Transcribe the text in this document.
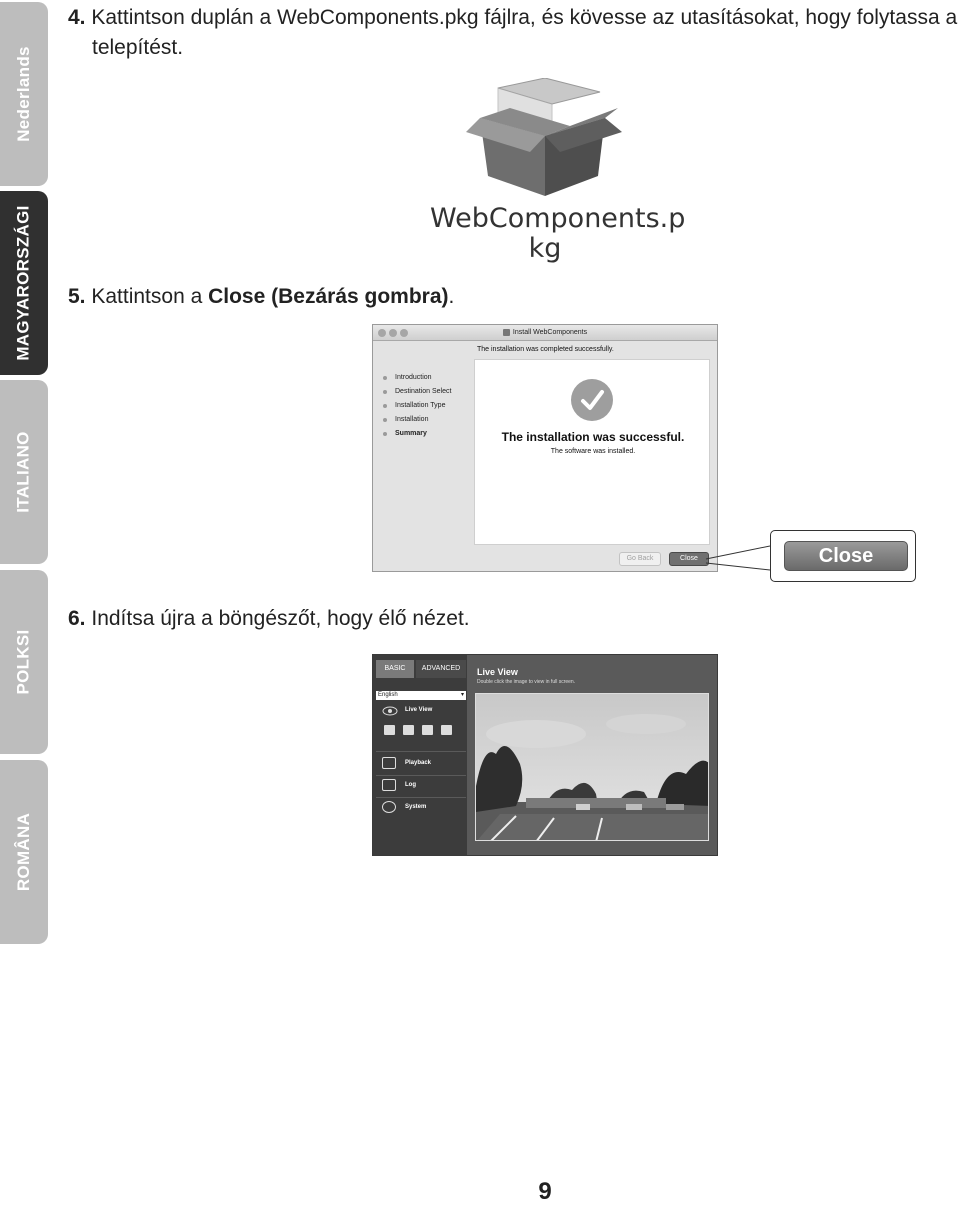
Nederlands
MAGYARORSZÁGI
ITALIANO
POLKSI
ROMÂNA
4. Kattintson duplán a WebComponents.pkg fájlra, és kövesse az utasításokat, hogy folytassa a
telepítést.
WebComponents.p
kg
5. Kattintson a Close (Bezárás gombra).
Install WebComponents
The installation was completed successfully.
Introduction
Destination Select
Installation Type
Installation
Summary	The installation was successful.
The software was installed.
Go Back	Close	Close
6. Indítsa újra a böngészőt, hogy élő nézet.
BASIC	ADVANCED
English ▾
Live View
Playback
Log
System
Live View
Double click the image to view in full screen.
9
